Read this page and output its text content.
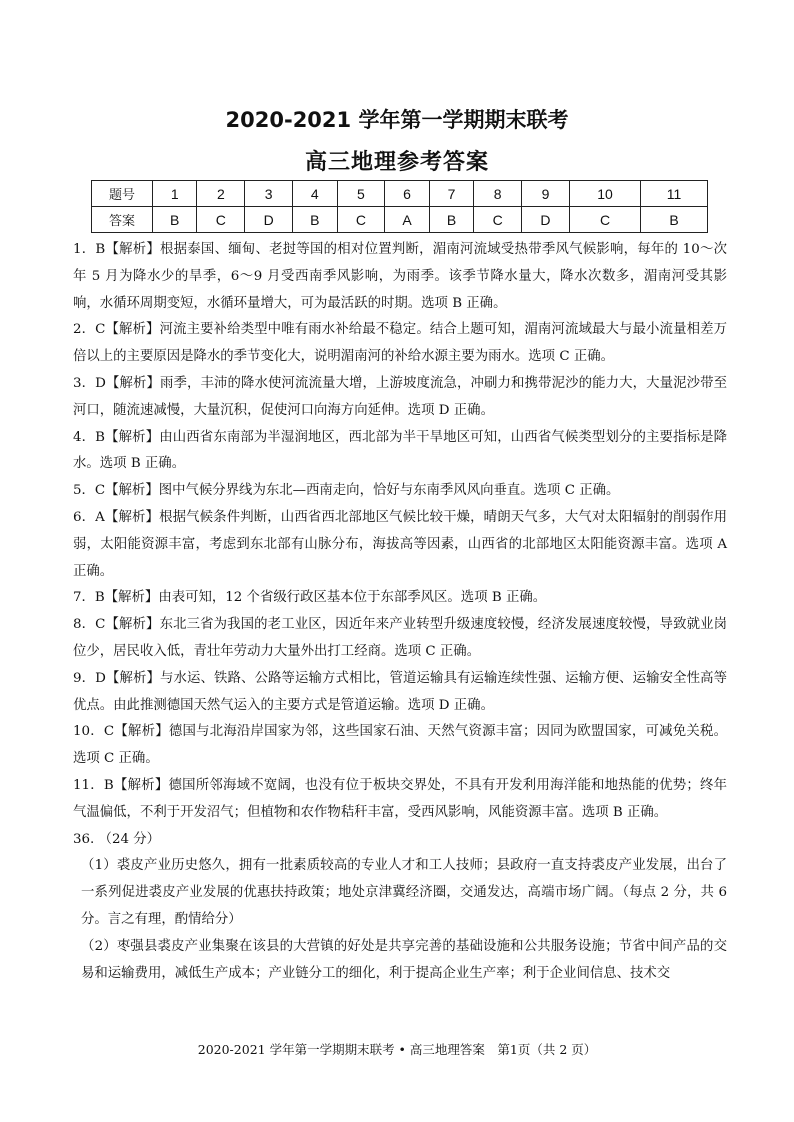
2020-2021 学年第一学期期末联考
高三地理参考答案
题号	1	2	3	4	5	6	7	8	9	10	11
答案	B	C	D	B	C	A	B	C	D	C	B

1．B【解析】根据泰国、缅甸、老挝等国的相对位置判断，湄南河流域受热带季风气候影响，每年的 10～次年 5 月为降水少的旱季，6～9 月受西南季风影响，为雨季。该季节降水量大，降水次数多，湄南河受其影响，水循环周期变短，水循环量增大，可为最活跃的时期。选项 B 正确。

2．C【解析】河流主要补给类型中唯有雨水补给最不稳定。结合上题可知，湄南河流域最大与最小流量相差万倍以上的主要原因是降水的季节变化大，说明湄南河的补给水源主要为雨水。选项 C 正确。

3．D【解析】雨季，丰沛的降水使河流流量大增，上游坡度流急，冲刷力和携带泥沙的能力大，大量泥沙带至河口，随流速减慢，大量沉积，促使河口向海方向延伸。选项 D 正确。

4．B【解析】由山西省东南部为半湿润地区，西北部为半干旱地区可知，山西省气候类型划分的主要指标是降水。选项 B 正确。

5．C【解析】图中气候分界线为东北—西南走向，恰好与东南季风风向垂直。选项 C 正确。

6．A【解析】根据气候条件判断，山西省西北部地区气候比较干燥，晴朗天气多，大气对太阳辐射的削弱作用弱，太阳能资源丰富，考虑到东北部有山脉分布，海拔高等因素，山西省的北部地区太阳能资源丰富。选项 A 正确。

7．B【解析】由表可知，12 个省级行政区基本位于东部季风区。选项 B 正确。

8．C【解析】东北三省为我国的老工业区，因近年来产业转型升级速度较慢，经济发展速度较慢，导致就业岗位少，居民收入低，青壮年劳动力大量外出打工经商。选项 C 正确。

9．D【解析】与水运、铁路、公路等运输方式相比，管道运输具有运输连续性强、运输方便、运输安全性高等优点。由此推测德国天然气运入的主要方式是管道运输。选项 D 正确。

10．C【解析】德国与北海沿岸国家为邻，这些国家石油、天然气资源丰富；因同为欧盟国家，可减免关税。选项 C 正确。

11．B【解析】德国所邻海域不宽阔，也没有位于板块交界处，不具有开发利用海洋能和地热能的优势；终年气温偏低，不利于开发沼气；但植物和农作物秸秆丰富，受西风影响，风能资源丰富。选项 B 正确。

36. （24 分）

（1）裘皮产业历史悠久，拥有一批素质较高的专业人才和工人技师；县政府一直支持裘皮产业发展，出台了一系列促进裘皮产业发展的优惠扶持政策；地处京津冀经济圈，交通发达，高端市场广阔。（每点 2 分，共 6 分。言之有理，酌情给分）

（2）枣强县裘皮产业集聚在该县的大营镇的好处是共享完善的基础设施和公共服务设施；节省中间产品的交易和运输费用，减低生产成本；产业链分工的细化，利于提高企业生产率；利于企业间信息、技术交

2020-2021 学年第一学期期末联考 • 高三地理答案　第1页（共 2 页）
